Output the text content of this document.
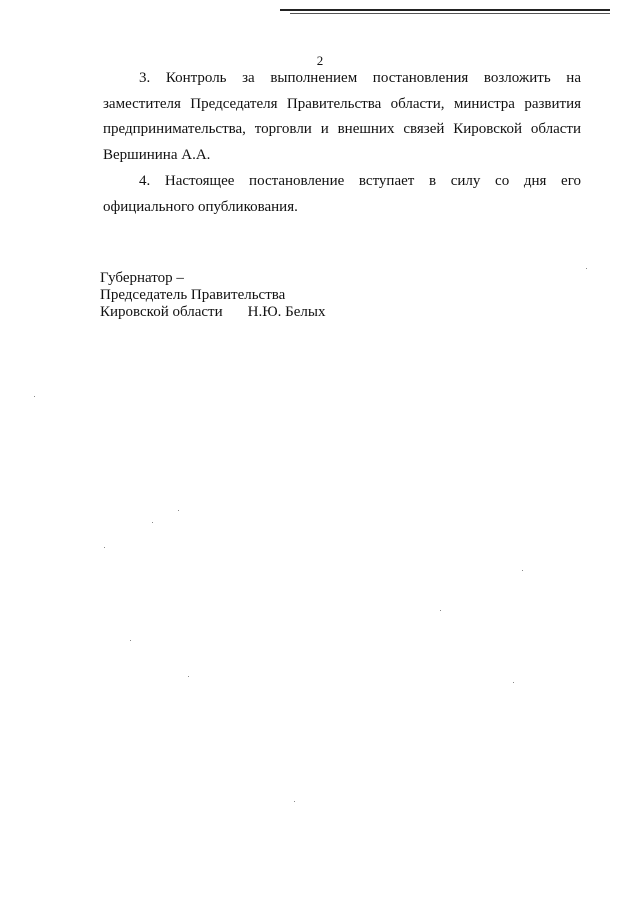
2

3. Контроль за выполнением постановления возложить на заместителя Председателя Правительства области, министра развития предпринимательства, торговли и внешних связей Кировской области Вершинина А.А.

4. Настоящее постановление вступает в силу со дня его официального опубликования.

Губернатор –
Председатель Правительства
Кировской области Н.Ю. Белых
